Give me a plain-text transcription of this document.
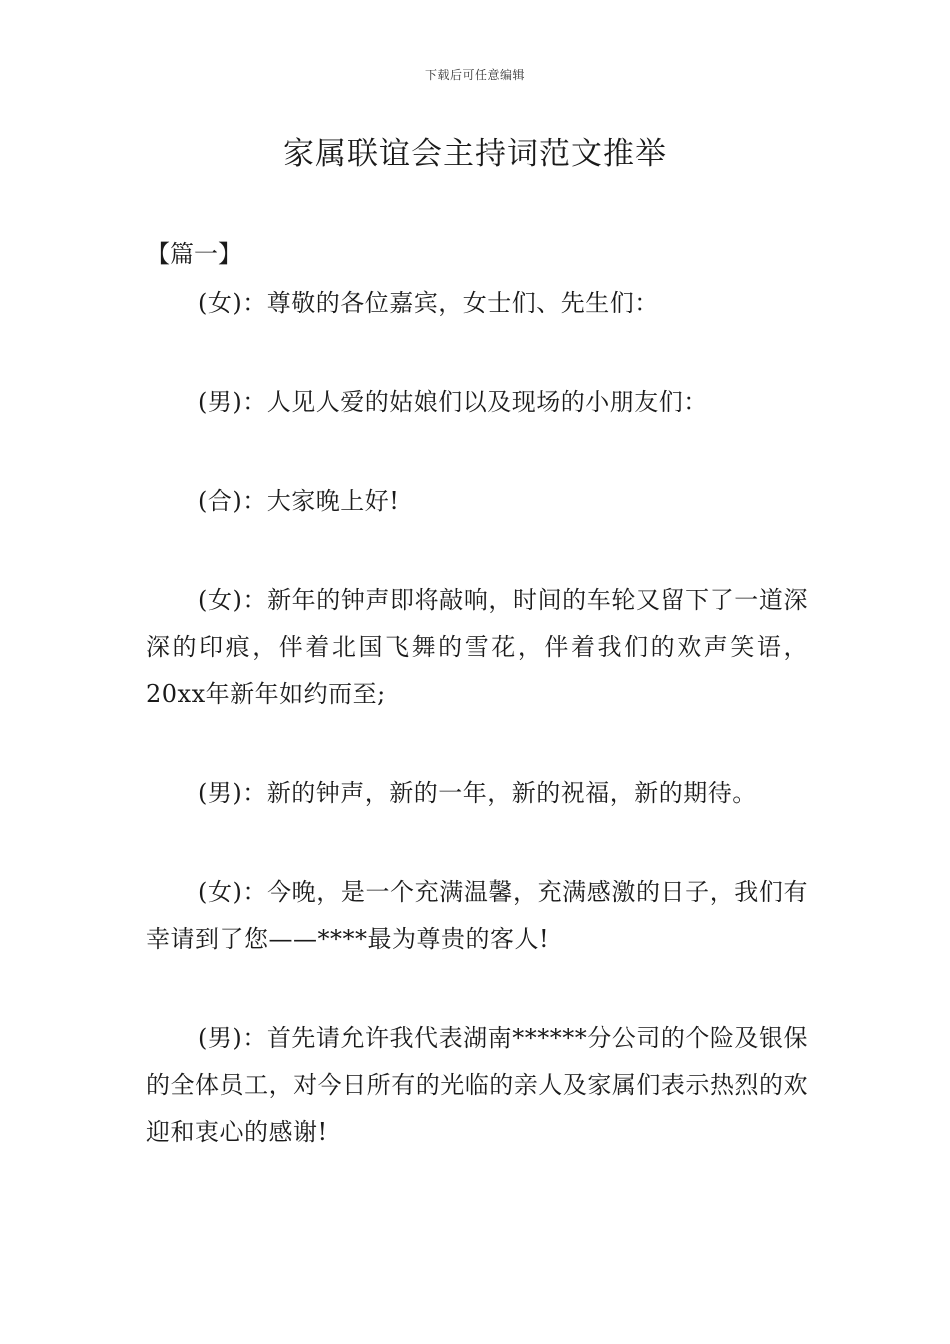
下载后可任意编辑
家属联谊会主持词范文推举
【篇一】

(女)：尊敬的各位嘉宾，女士们、先生们：

(男)：人见人爱的姑娘们以及现场的小朋友们：

(合)：大家晚上好!

(女)：新年的钟声即将敲响，时间的车轮又留下了一道深深的印痕，伴着北国飞舞的雪花，伴着我们的欢声笑语，20xx年新年如约而至;

(男)：新的钟声，新的一年，新的祝福，新的期待。

(女)：今晚，是一个充满温馨，充满感激的日子，我们有幸请到了您——****最为尊贵的客人!

(男)：首先请允许我代表湖南******分公司的个险及银保的全体员工，对今日所有的光临的亲人及家属们表示热烈的欢迎和衷心的感谢!
